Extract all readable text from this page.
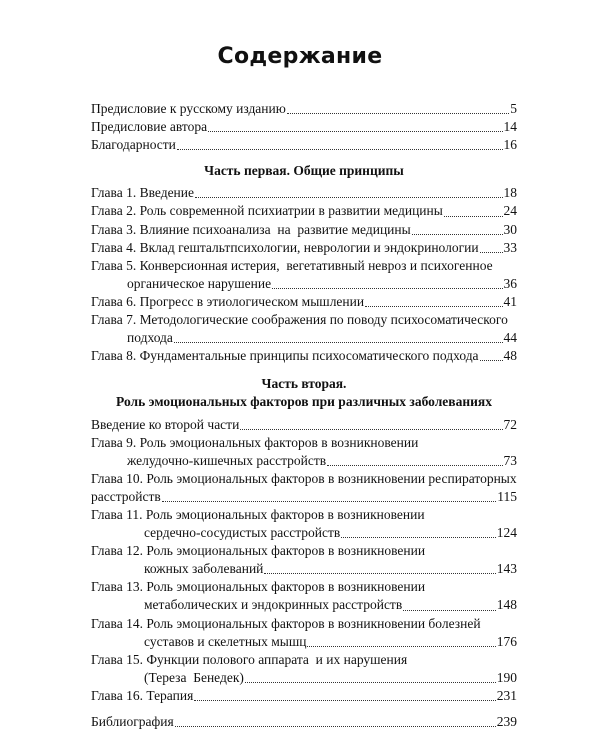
Содержание
Предисловие к русскому изданию	5
Предисловие автора	14
Благодарности	16
Часть первая. Общие принципы
Глава 1. Введение	18
Глава 2. Роль современной психиатрии в развитии медицины	24
Глава 3. Влияние психоанализа  на  развитие медицины	30
Глава 4. Вклад гештальтпсихологии, неврологии и эндокринологии 33
Глава 5. Конверсионная истерия,  вегетативный невроз и психогенное
органическое нарушение	36
Глава 6. Прогресс в этиологическом мышлении	41
Глава 7. Методологические соображения по поводу психосоматического
подхода	44
Глава 8. Фундаментальные принципы психосоматического подхода 48
Часть вторая.
Роль эмоциональных факторов при различных заболеваниях
Введение ко второй части	72
Глава 9. Роль эмоциональных факторов в возникновении
желудочно-кишечных расстройств	73
Глава 10. Роль эмоциональных факторов в возникновении респираторных
расстройств	115
Глава 11. Роль эмоциональных факторов в возникновении
сердечно-сосудистых расстройств	124
Глава 12. Роль эмоциональных факторов в возникновении
кожных заболеваний	143
Глава 13. Роль эмоциональных факторов в возникновении
метаболических и эндокринных расстройств	148
Глава 14. Роль эмоциональных факторов в возникновении болезней
суставов и скелетных мышц	176
Глава 15. Функции полового аппарата  и их нарушения
(Тереза  Бенедек)	190
Глава 16. Терапия	231
Библиография	239
